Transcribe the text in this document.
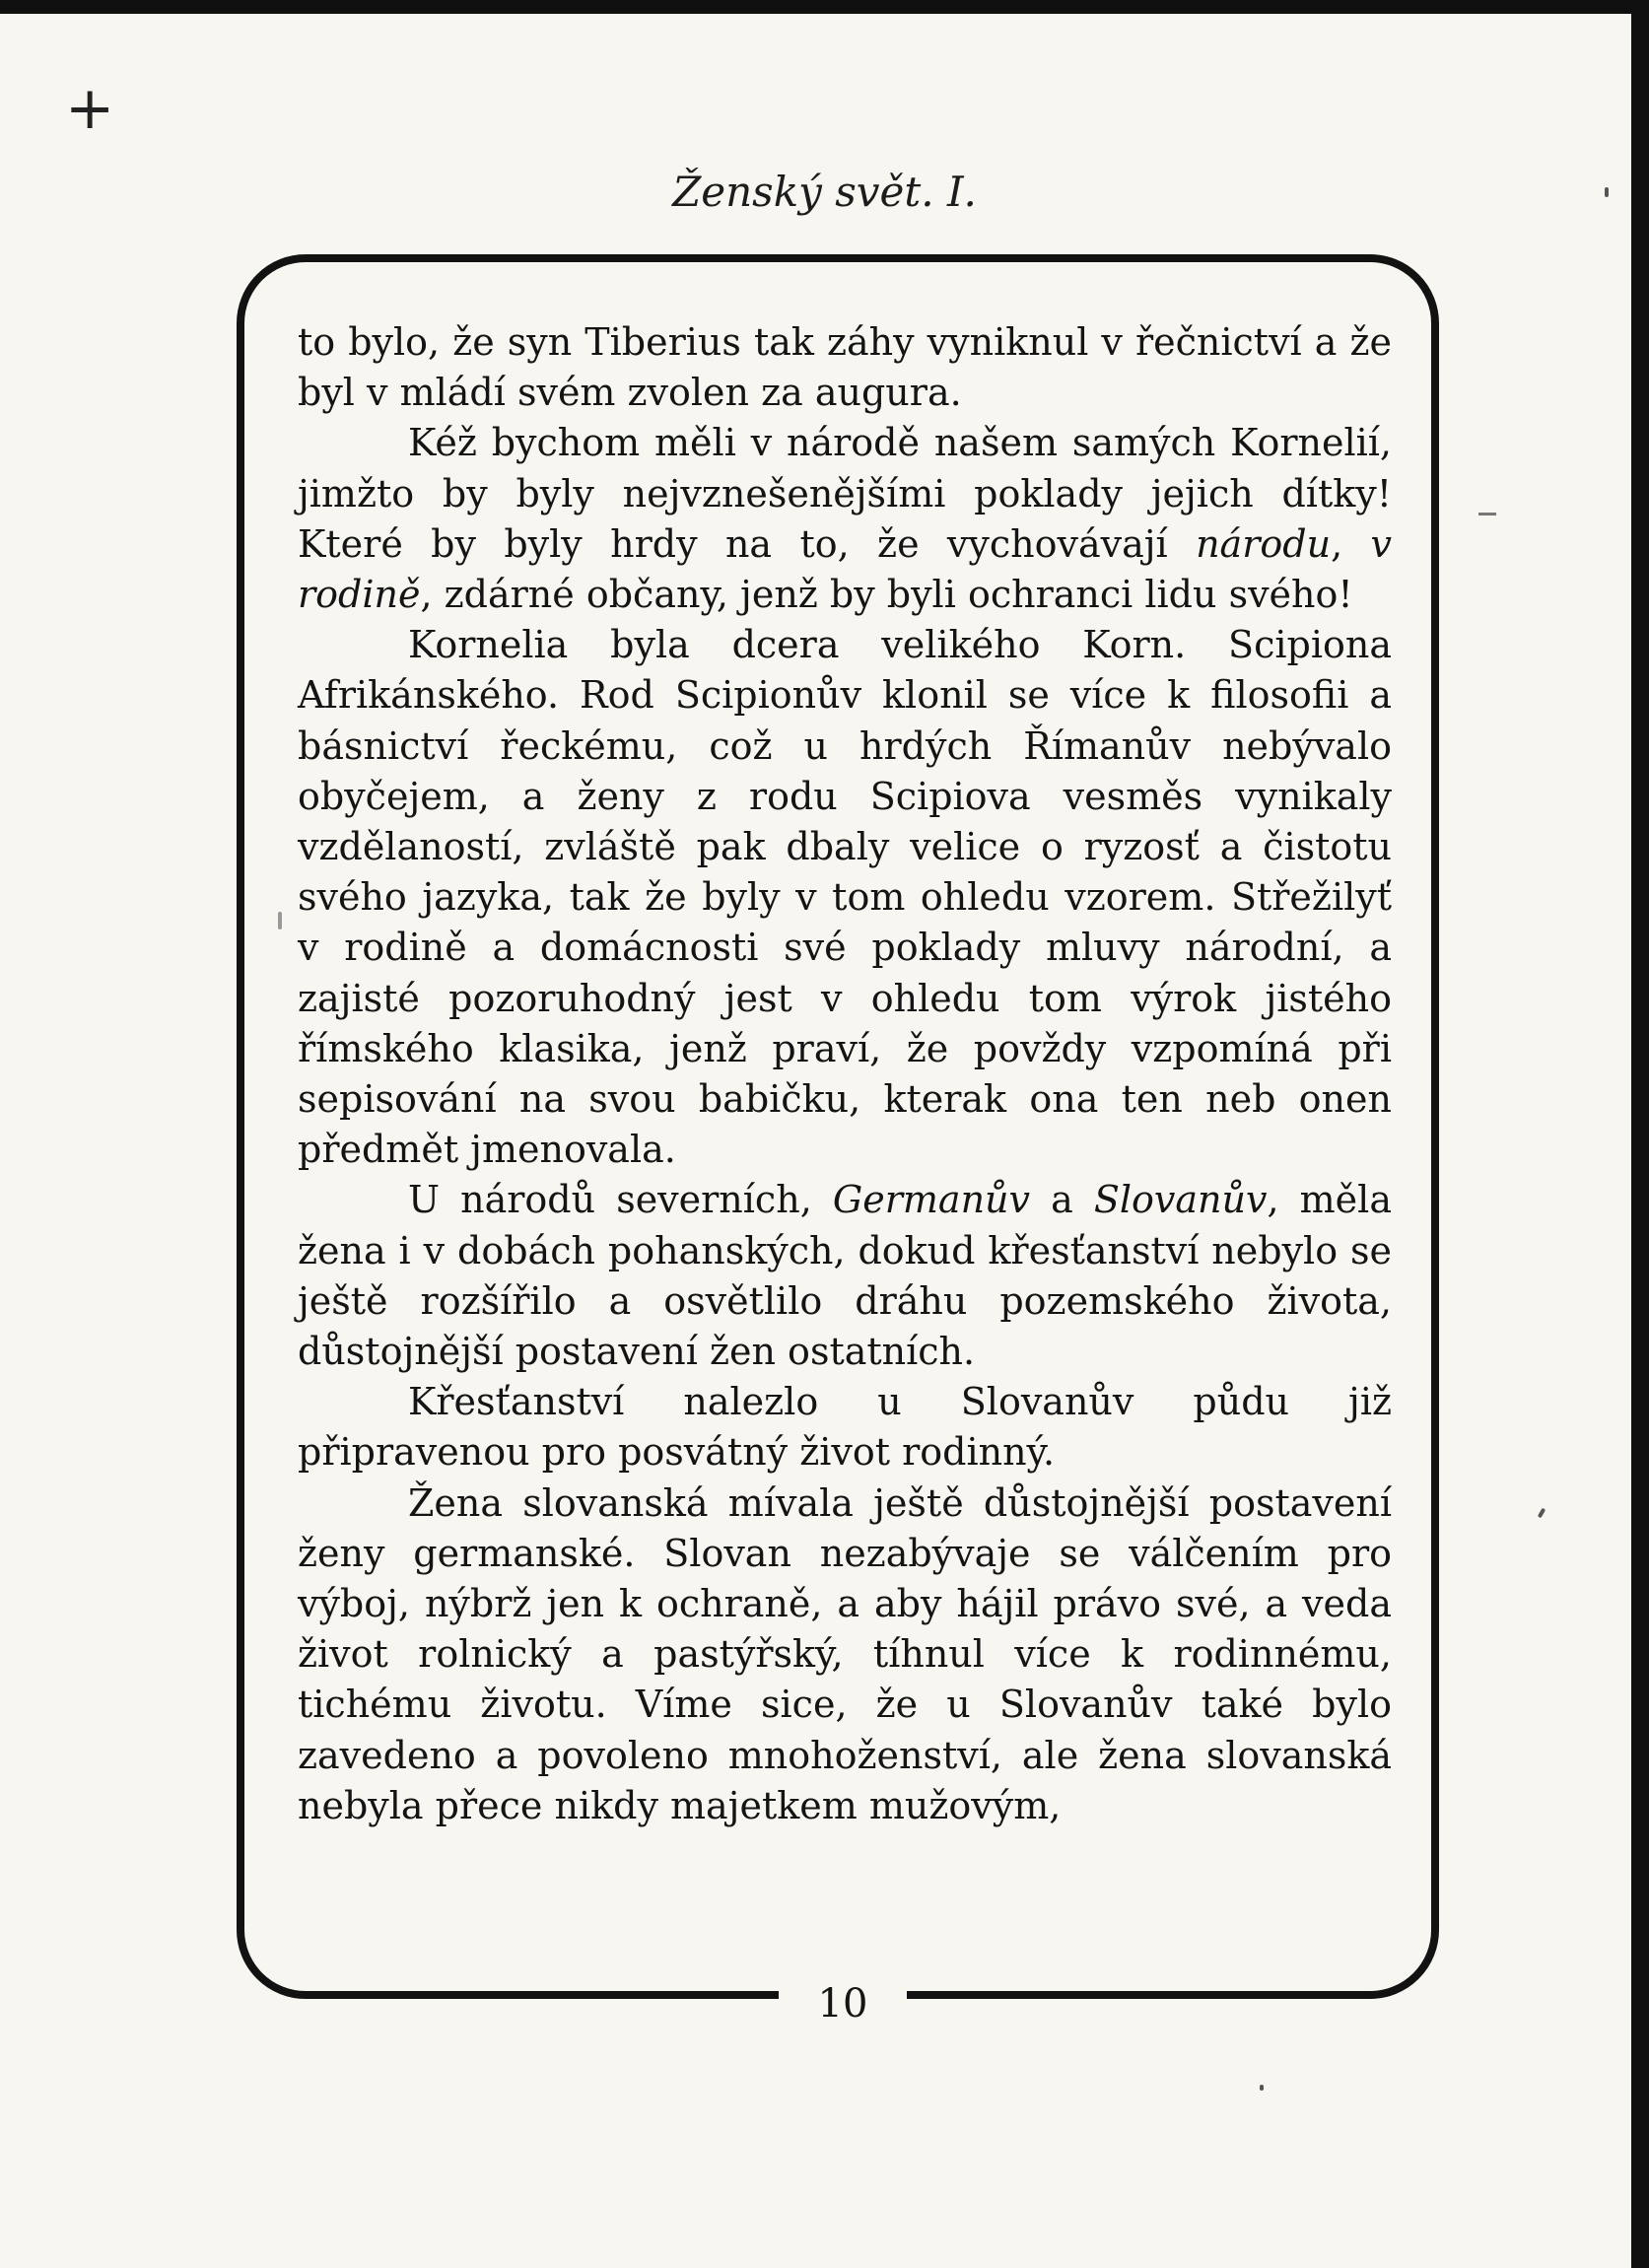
+
Ženský svět. I.
10

to bylo, že syn Tiberius tak záhy vyniknul v řečnictví a že byl v mládí svém zvolen za augura.

Kéž bychom měli v národě našem samých Kornelií, jimžto by byly nejvznešenějšími poklady jejich dítky! Které by byly hrdy na to, že vychovávají národu, v rodině, zdárné občany, jenž by byli ochranci lidu svého!

Kornelia byla dcera velikého Korn. Scipiona Afrikánského. Rod Scipionův klonil se více k filosofii a básnictví řeckému, což u hrdých Římanův nebývalo obyčejem, a ženy z rodu Scipiova vesměs vynikaly vzdělaností, zvláště pak dbaly velice o ryzosť a čistotu svého jazyka, tak že byly v tom ohledu vzorem. Střežilyť v rodině a domácnosti své poklady mluvy národní, a zajisté pozoruhodný jest v ohledu tom výrok jistého římského klasika, jenž praví, že povždy vzpomíná při sepisování na svou babičku, kterak ona ten neb onen předmět jmenovala.

U národů severních, Germanův a Slovanův, měla žena i v dobách pohanských, dokud křesťanství nebylo se ještě rozšířilo a osvětlilo dráhu pozemského života, důstojnější postavení žen ostatních.

Křesťanství nalezlo u Slovanův půdu již připravenou pro posvátný život rodinný.

Žena slovanská mívala ještě důstojnější postavení ženy germanské. Slovan nezabývaje se válčením pro výboj, nýbrž jen k ochraně, a aby hájil právo své, a veda život rolnický a pastýřský, tíhnul více k rodinnému, tichému životu. Víme sice, že u Slovanův také bylo zavedeno a povoleno mnohoženství, ale žena slovanská nebyla přece nikdy majetkem mužovým,
